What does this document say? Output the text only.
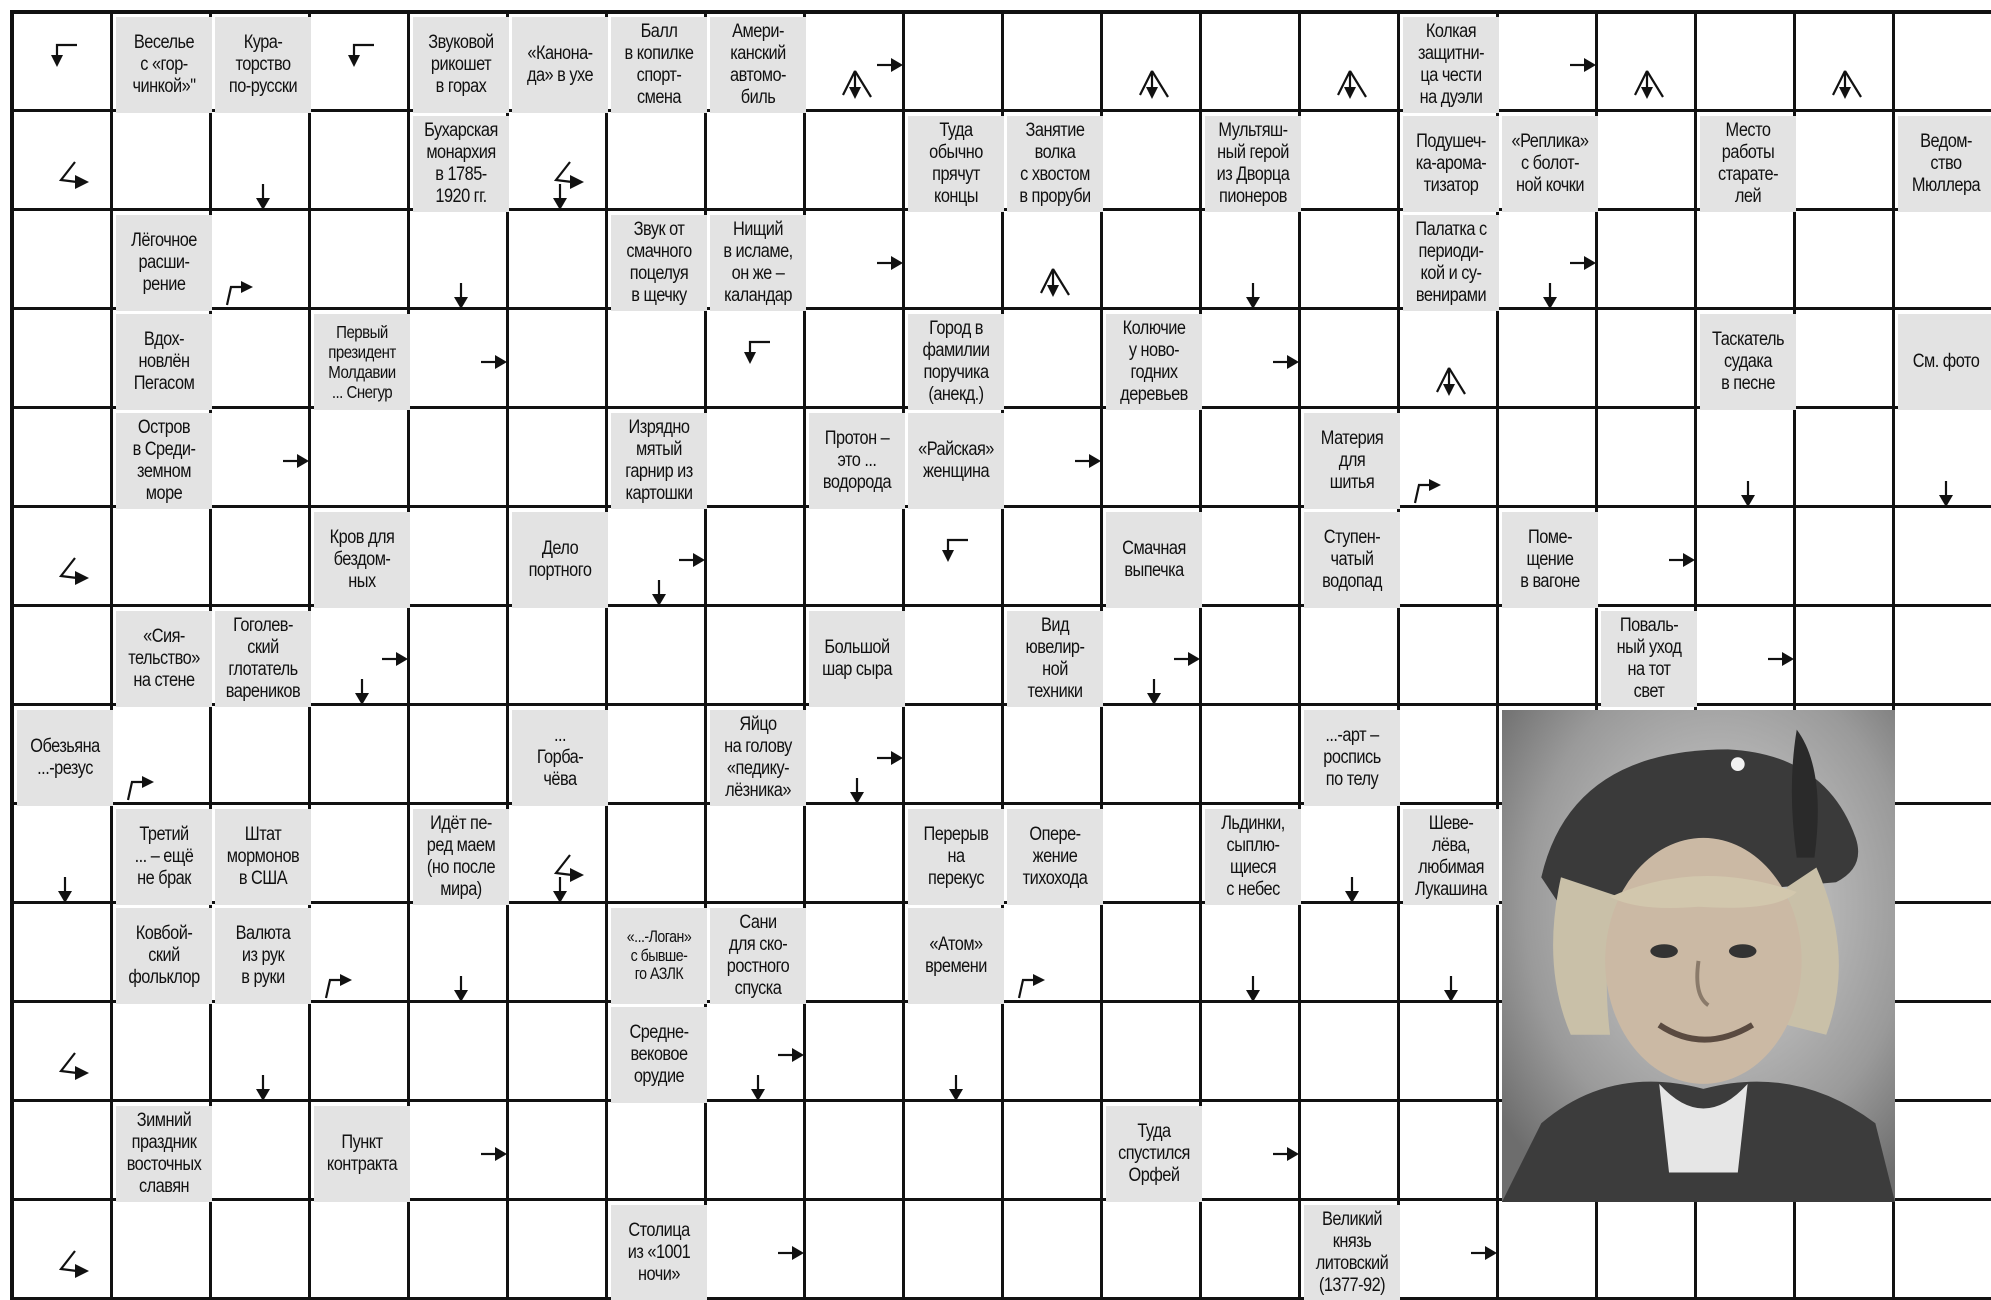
Веселье
с «гор-
чинкой»"
Кура-
торство
по-русски
Звуковой
рикошет
в горах
«Канона-
да» в ухе
Балл
в копилке
спорт-
смена
Амери-
канский
автомо-
биль
Колкая
защитни-
ца чести
на дуэли
Бухарская
монархия
в 1785-
1920 гг.
Туда
обычно
прячут
концы
Занятие
волка
с хвостом
в проруби
Мультяш-
ный герой
из Дворца
пионеров
Подушеч-
ка-арома-
тизатор
«Реплика»
с болот-
ной кочки
Место
работы
старате-
лей
Ведом-
ство
Мюллера
Лёгочное
расши-
рение
Звук от
смачного
поцелуя
в щечку
Нищий
в исламе,
он же –
каландар
Палатка с
периоди-
кой и су-
венирами
Вдох-
новлён
Пегасом
Первый
президент
Молдавии
... Снегур
Город в
фамилии
поручика
(анекд.)
Колючие
у ново-
годних
деревьев
Таскатель
судака
в песне
См. фото
Остров
в Среди-
земном
море
Изрядно
мятый
гарнир из
картошки
Протон –
это ...
водорода
«Райская»
женщина
Материя
для
шитья
Кров для
бездом-
ных
Дело
портного
Смачная
выпечка
Ступен-
чатый
водопад
Поме-
щение
в вагоне
«Сия-
тельство»
на стене
Гоголев-
ский
глотатель
вареников
Большой
шар сыра
Вид
ювелир-
ной
техники
Поваль-
ный уход
на тот
свет
Обезьяна
...-резус
...
Горба-
чёва
Яйцо
на голову
«педику-
лёзника»
...-арт –
роспись
по телу
Третий
... – ещё
не брак
Штат
мормонов
в США
Идёт пе-
ред маем
(но после
мира)
Перерыв
на
перекус
Опере-
жение
тихохода
Льдинки,
сыплю-
щиеся
с небес
Шеве-
лёва,
любимая
Лукашина
Ковбой-
ский
фольклор
Валюта
из рук
в руки
«...-Логан»
с бывше-
го АЗЛК
Сани
для ско-
ростного
спуска
«Атом»
времени
Средне-
вековое
орудие
Зимний
праздник
восточных
славян
Пункт
контракта
Туда
спустился
Орфей
Столица
из «1001
ночи»
Великий
князь
литовский
(1377-92)
